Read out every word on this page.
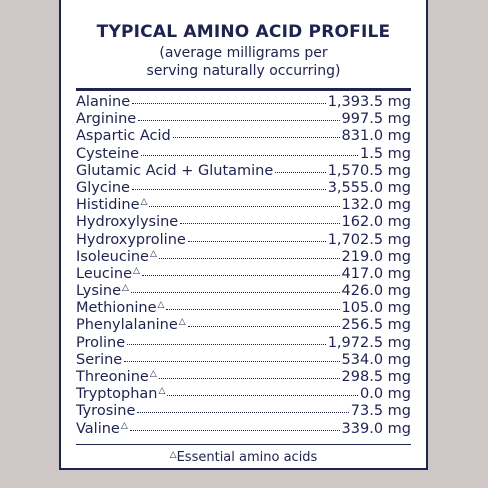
TYPICAL AMINO ACID PROFILE
(average milligrams per
serving naturally occurring)
Alanine	1,393.5 mg
Arginine	997.5 mg
Aspartic Acid	831.0 mg
Cysteine	1.5 mg
Glutamic Acid + Glutamine	1,570.5 mg
Glycine	3,555.0 mg
Histidine △	132.0 mg
Hydroxylysine	162.0 mg
Hydroxyproline	1,702.5 mg
Isoleucine △	219.0 mg
Leucine △	417.0 mg
Lysine △	426.0 mg
Methionine △	105.0 mg
Phenylalanine △	256.5 mg
Proline	1,972.5 mg
Serine	534.0 mg
Threonine △	298.5 mg
Tryptophan △	0.0 mg
Tyrosine	73.5 mg
Valine △	339.0 mg
△Essential amino acids
